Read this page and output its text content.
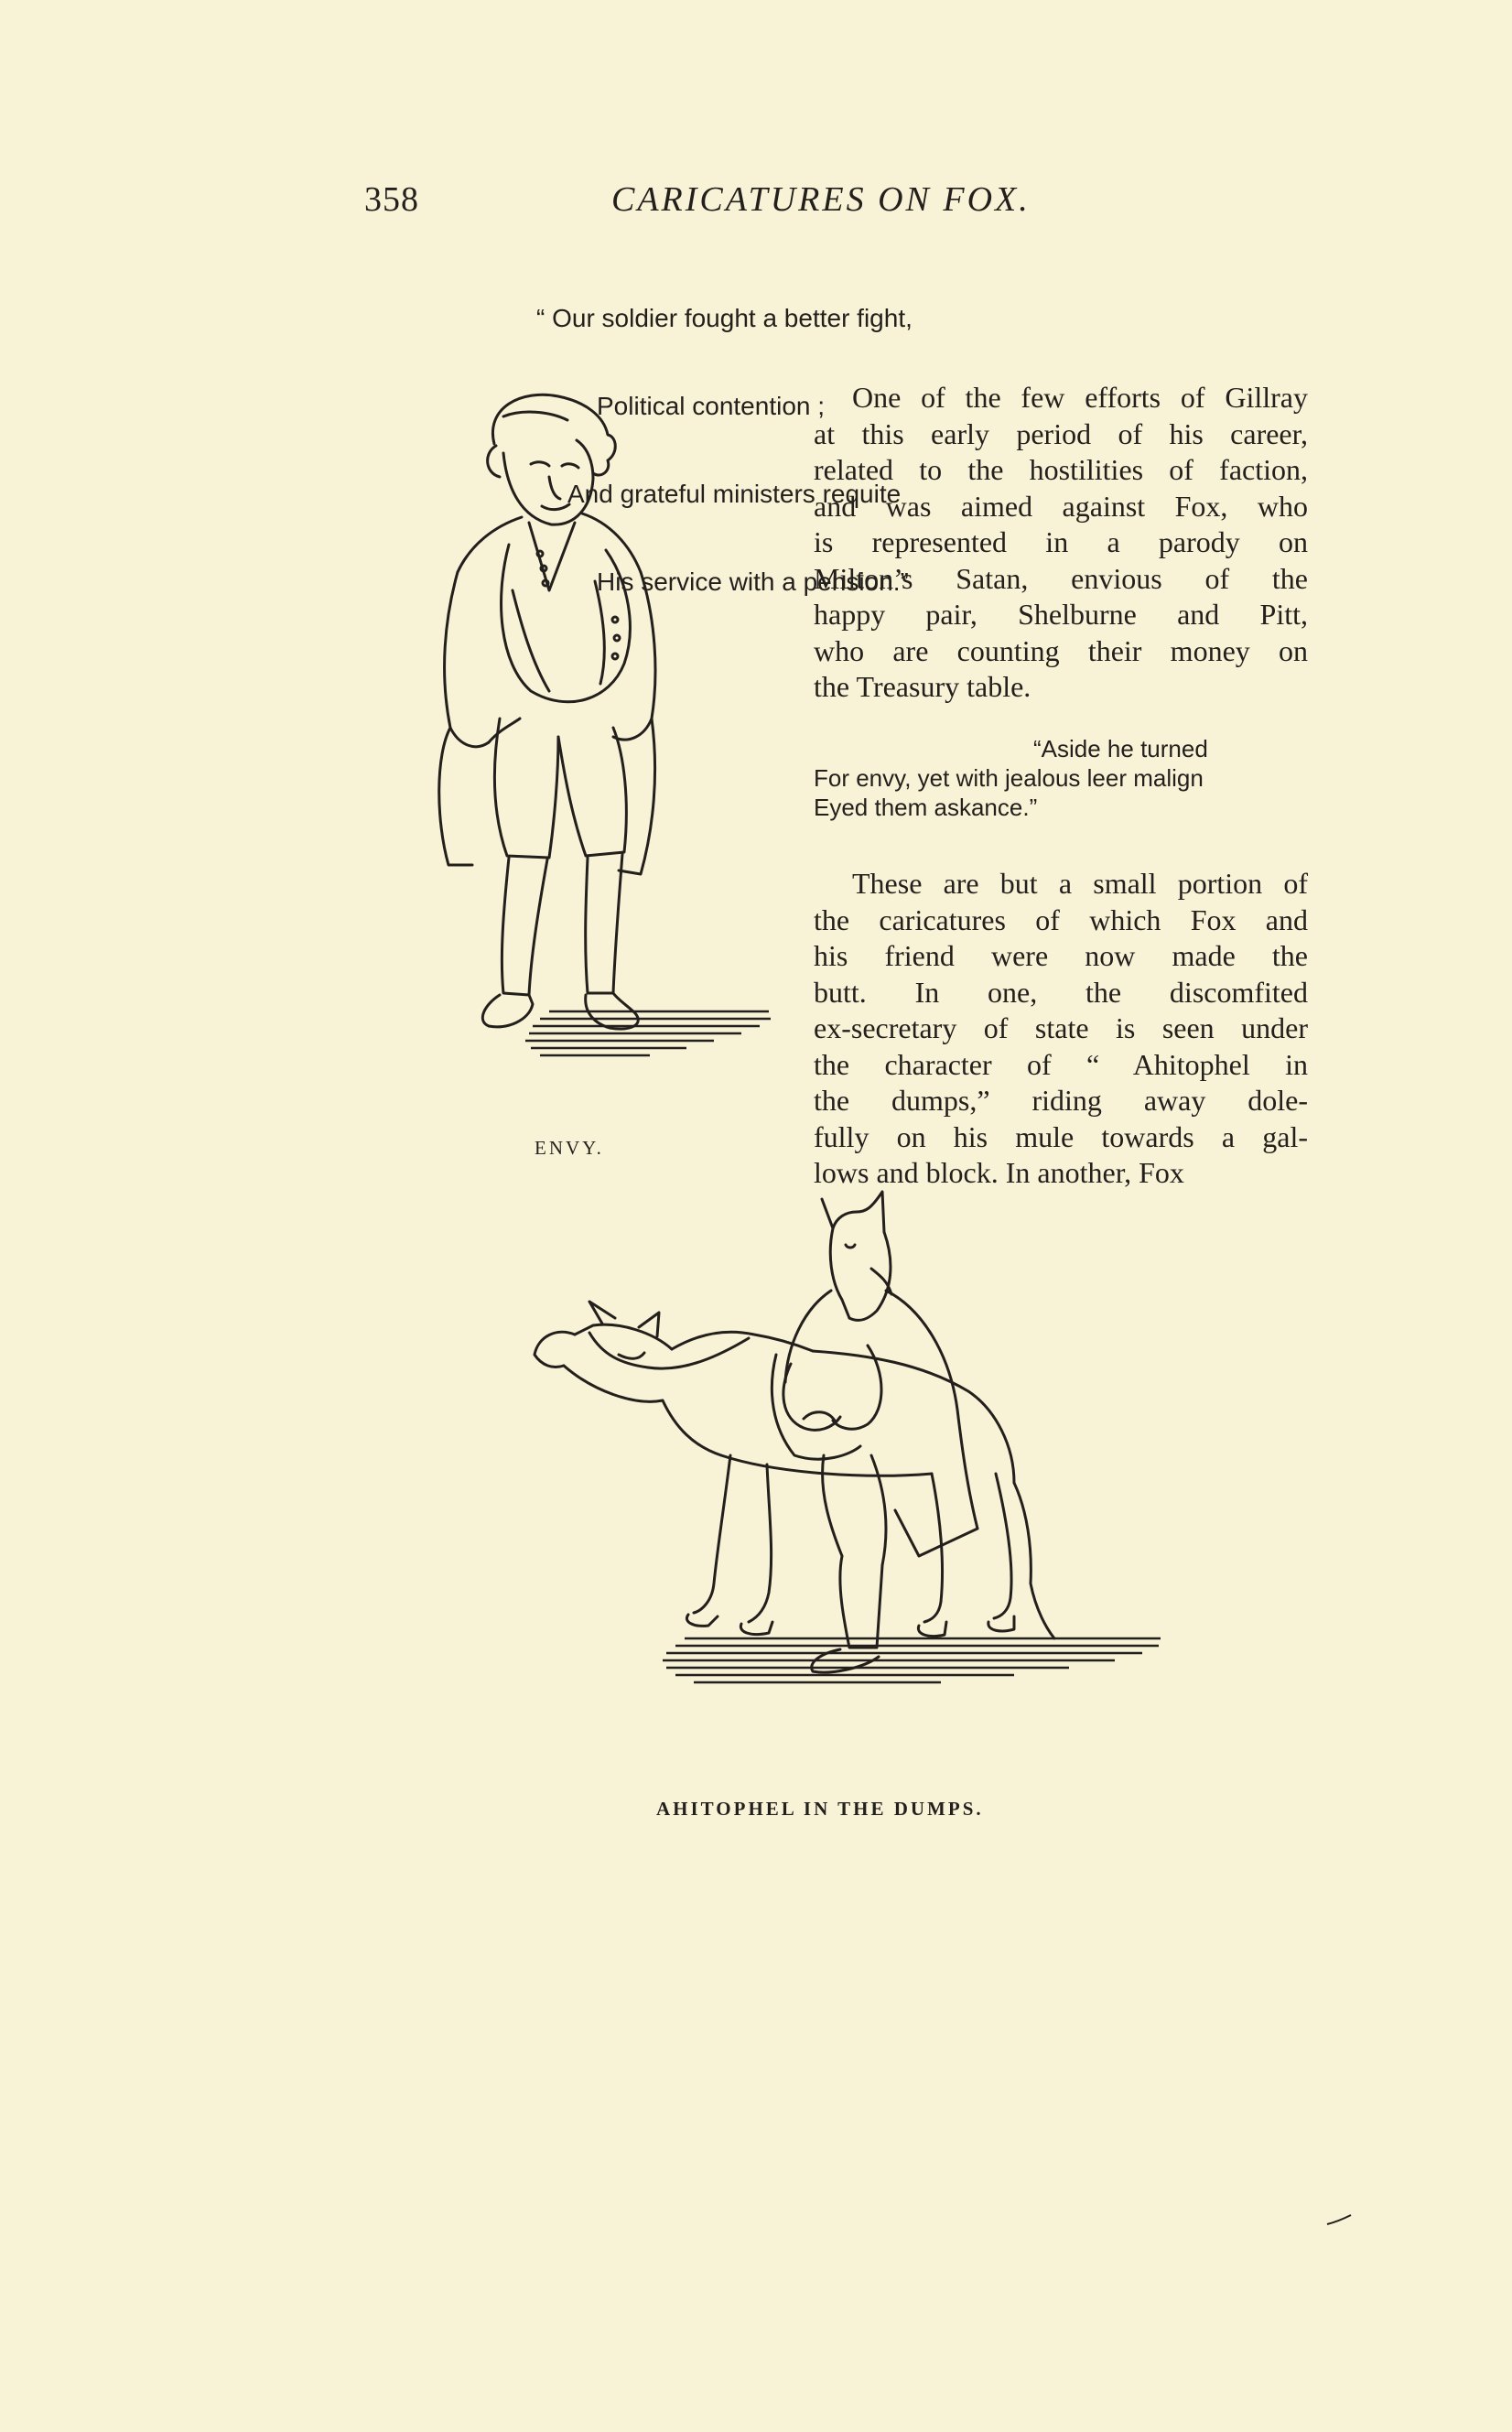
358	CARICATURES ON FOX.

“ Our soldier fought a better fight,

Political contention ;

And grateful ministers requite

His service with a pension.”

One of the few efforts of Gillray
at this early period of his career,
related to the hostilities of faction,
and was aimed against Fox, who
is represented in a parody on
Milton’s Satan, envious of the
happy pair, Shelburne and Pitt,
who are counting their money on
the Treasury table.
“Aside he turned
For envy, yet with jealous leer malign
Eyed them askance.”
These are but a small portion of
the caricatures of which Fox and
his friend were now made the
butt. In one, the discomfited
ex-secretary of state is seen under
the character of “ Ahitophel in
the dumps,” riding away dole-
fully on his mule towards a gal-
lows and block. In another, Fox
ENVY.
AHITOPHEL IN THE DUMPS.
